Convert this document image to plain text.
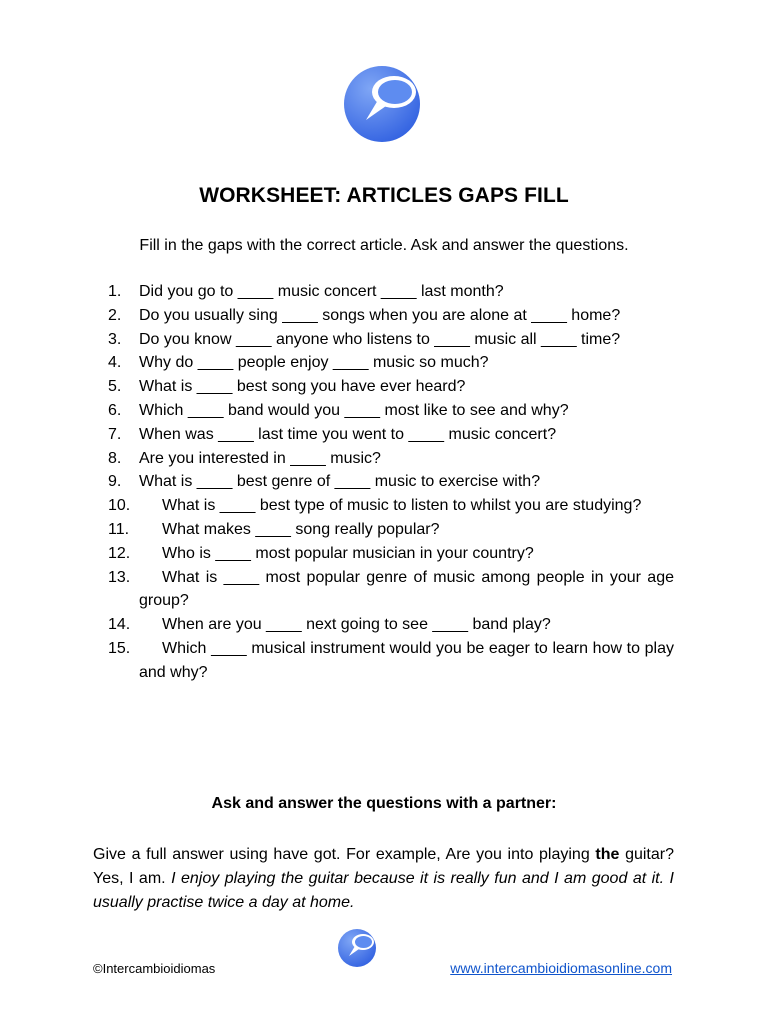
WORKSHEET: ARTICLES GAPS FILL

Fill in the gaps with the correct article. Ask and answer the questions.

1.	Did you go to ____ music concert ____ last month?
2.	Do you usually sing ____ songs when you are alone at ____ home?
3.	Do you know ____ anyone who listens to ____ music all ____ time?
4.	Why do ____ people enjoy ____ music so much?
5.	What is ____ best song you have ever heard?
6.	Which ____ band would you ____ most like to see and why?
7.	When was ____ last time you went to ____ music concert?
8.	Are you interested in ____ music?
9.	What is ____ best genre of ____ music to exercise with?
10. What is ____ best type of music to listen to whilst you are studying?
11. What makes ____ song really popular?
12. Who is ____ most popular musician in your country?
13. What is ____ most popular genre of music among people in your age group?
14. When are you ____ next going to see ____ band play?
15. Which ____ musical instrument would you be eager to learn how to play and why?
Ask and answer the questions with a partner:

Give a full answer using have got. For example, Are you into playing the guitar? Yes, I am. I enjoy playing the guitar because it is really fun and I am good at it. I usually practise twice a day at home.

©Intercambioidiomas	www.intercambioidiomasonline.com
